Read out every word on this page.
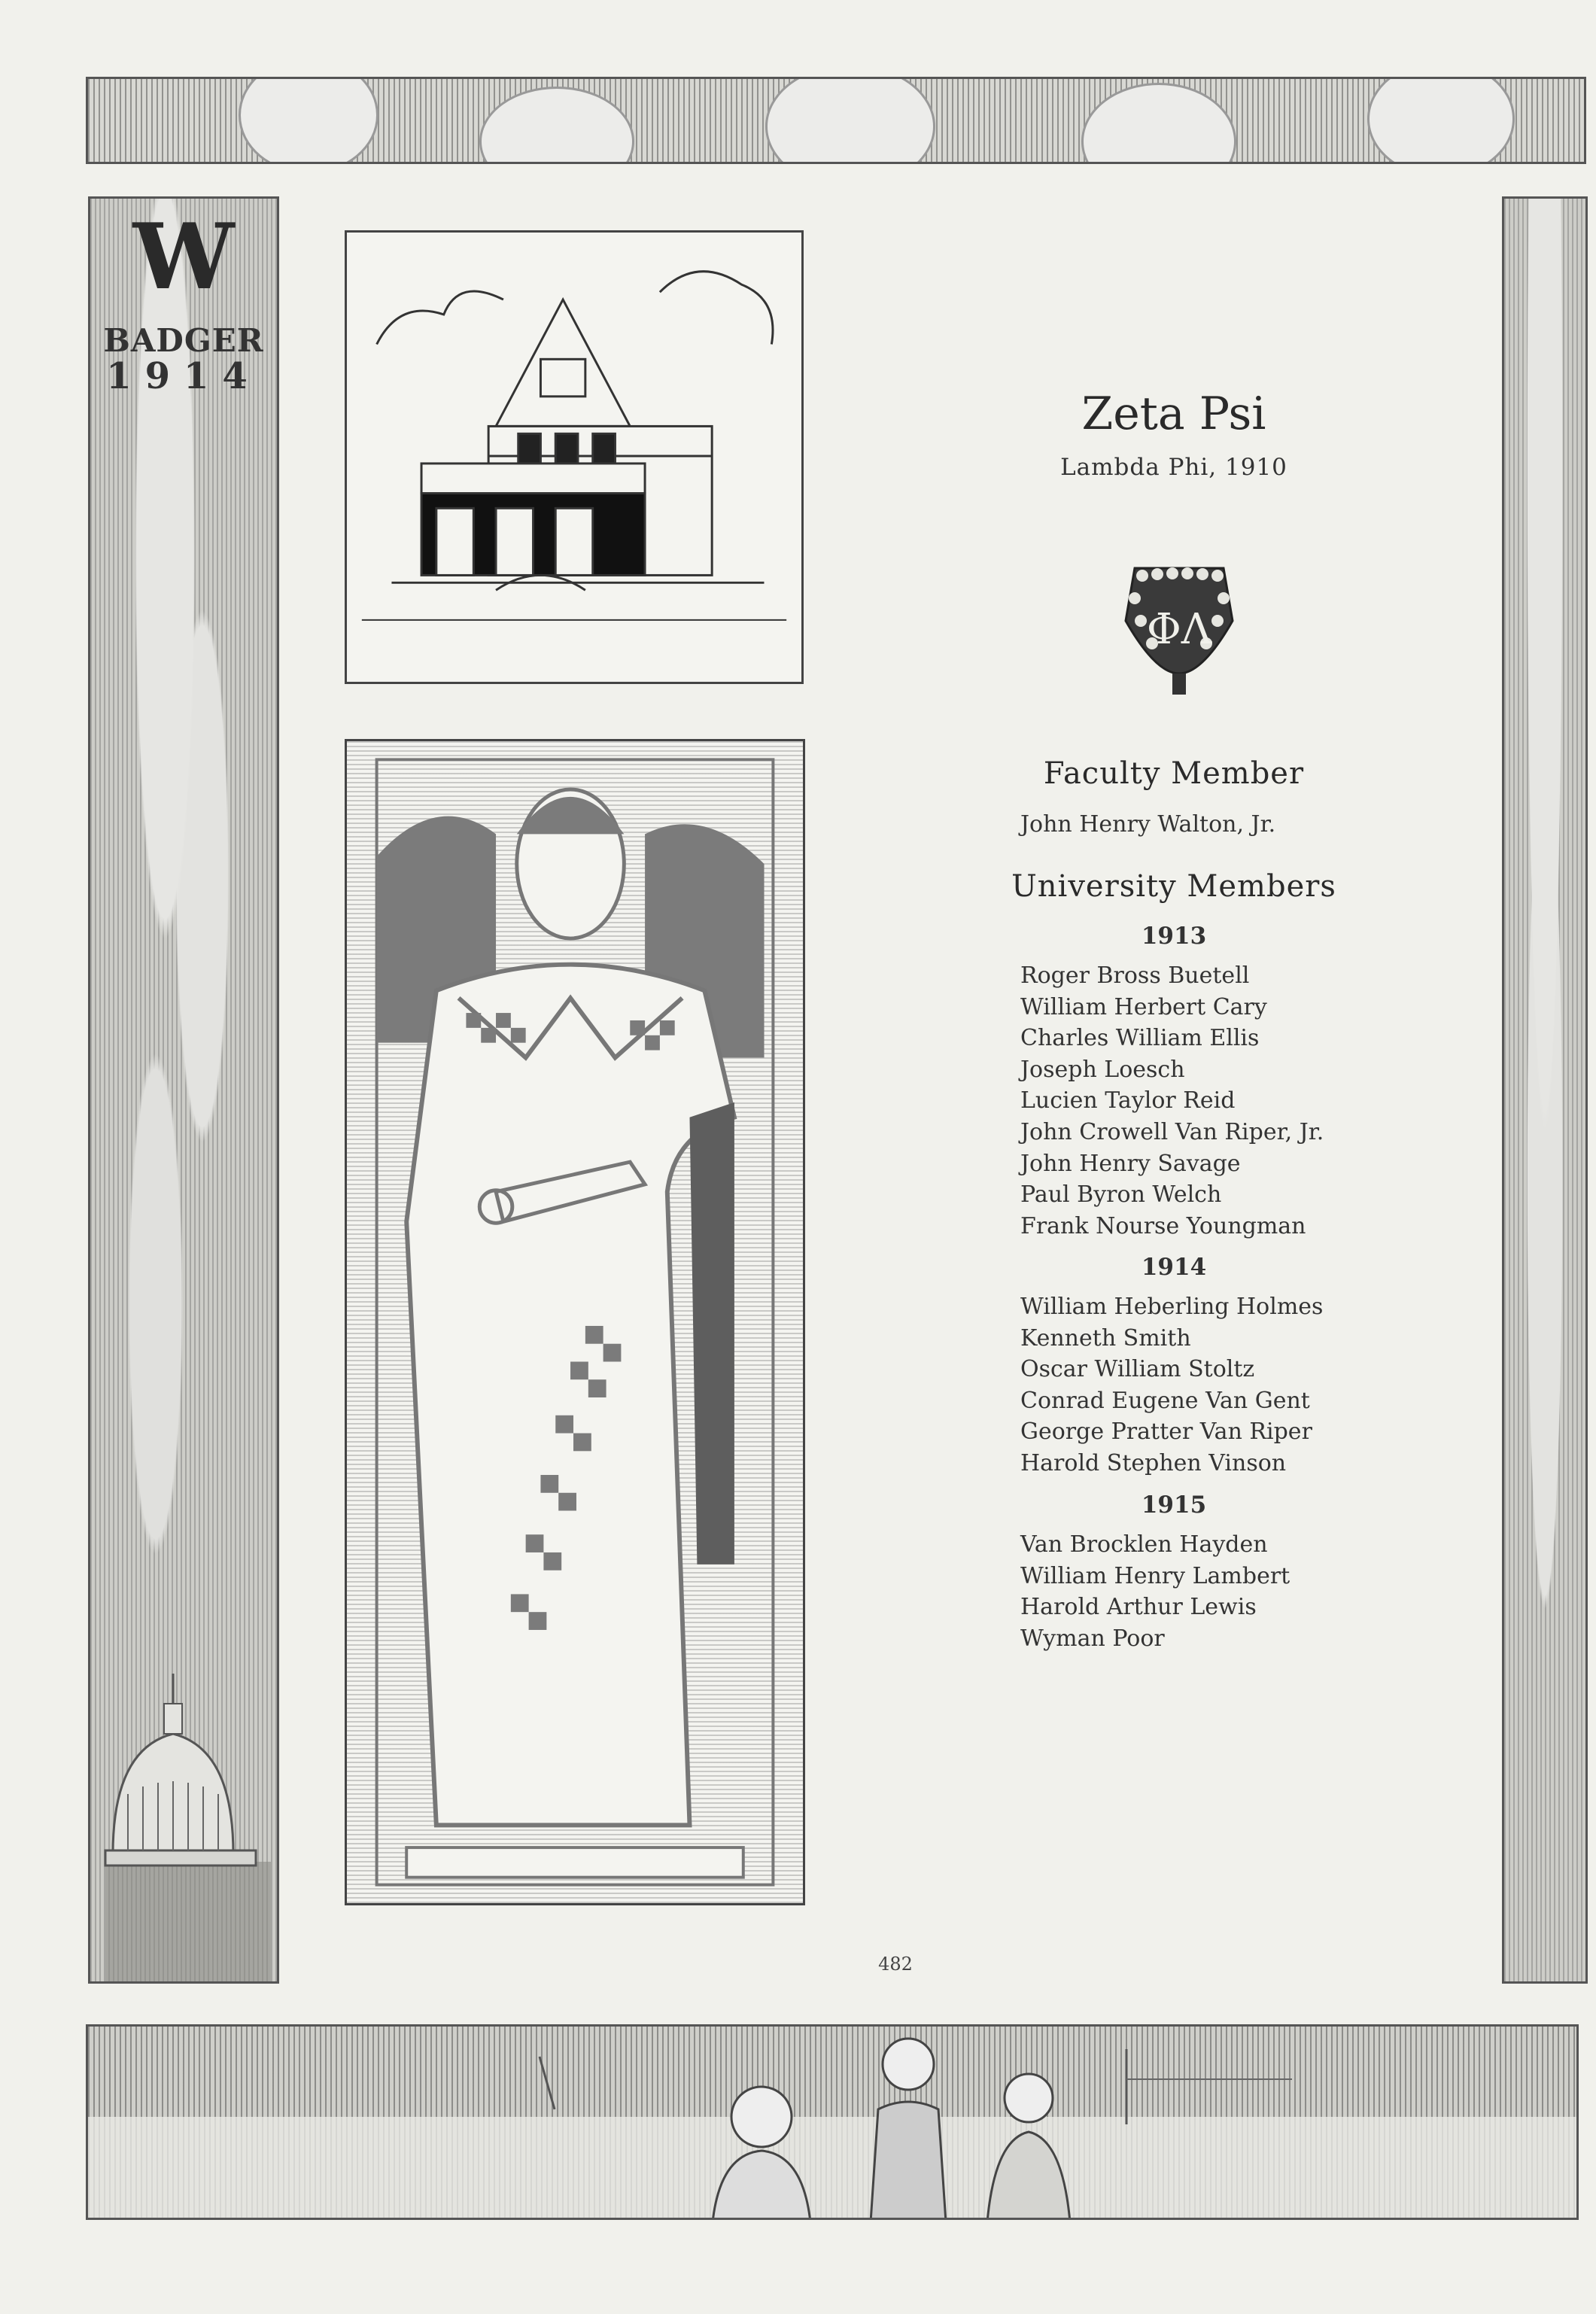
W
BADGER
1914
Zeta Psi
Lambda Phi, 1910
ΦΛ
Faculty Member
John Henry Walton, Jr.
University Members
1913
Roger Bross Buetell
William Herbert Cary
Charles William Ellis
Joseph Loesch
Lucien Taylor Reid
John Crowell Van Riper, Jr.
John Henry Savage
Paul Byron Welch
Frank Nourse Youngman
1914
William Heberling Holmes
Kenneth Smith
Oscar William Stoltz
Conrad Eugene Van Gent
George Pratter Van Riper
Harold Stephen Vinson
1915
Van Brocklen Hayden
William Henry Lambert
Harold Arthur Lewis
Wyman Poor
482
